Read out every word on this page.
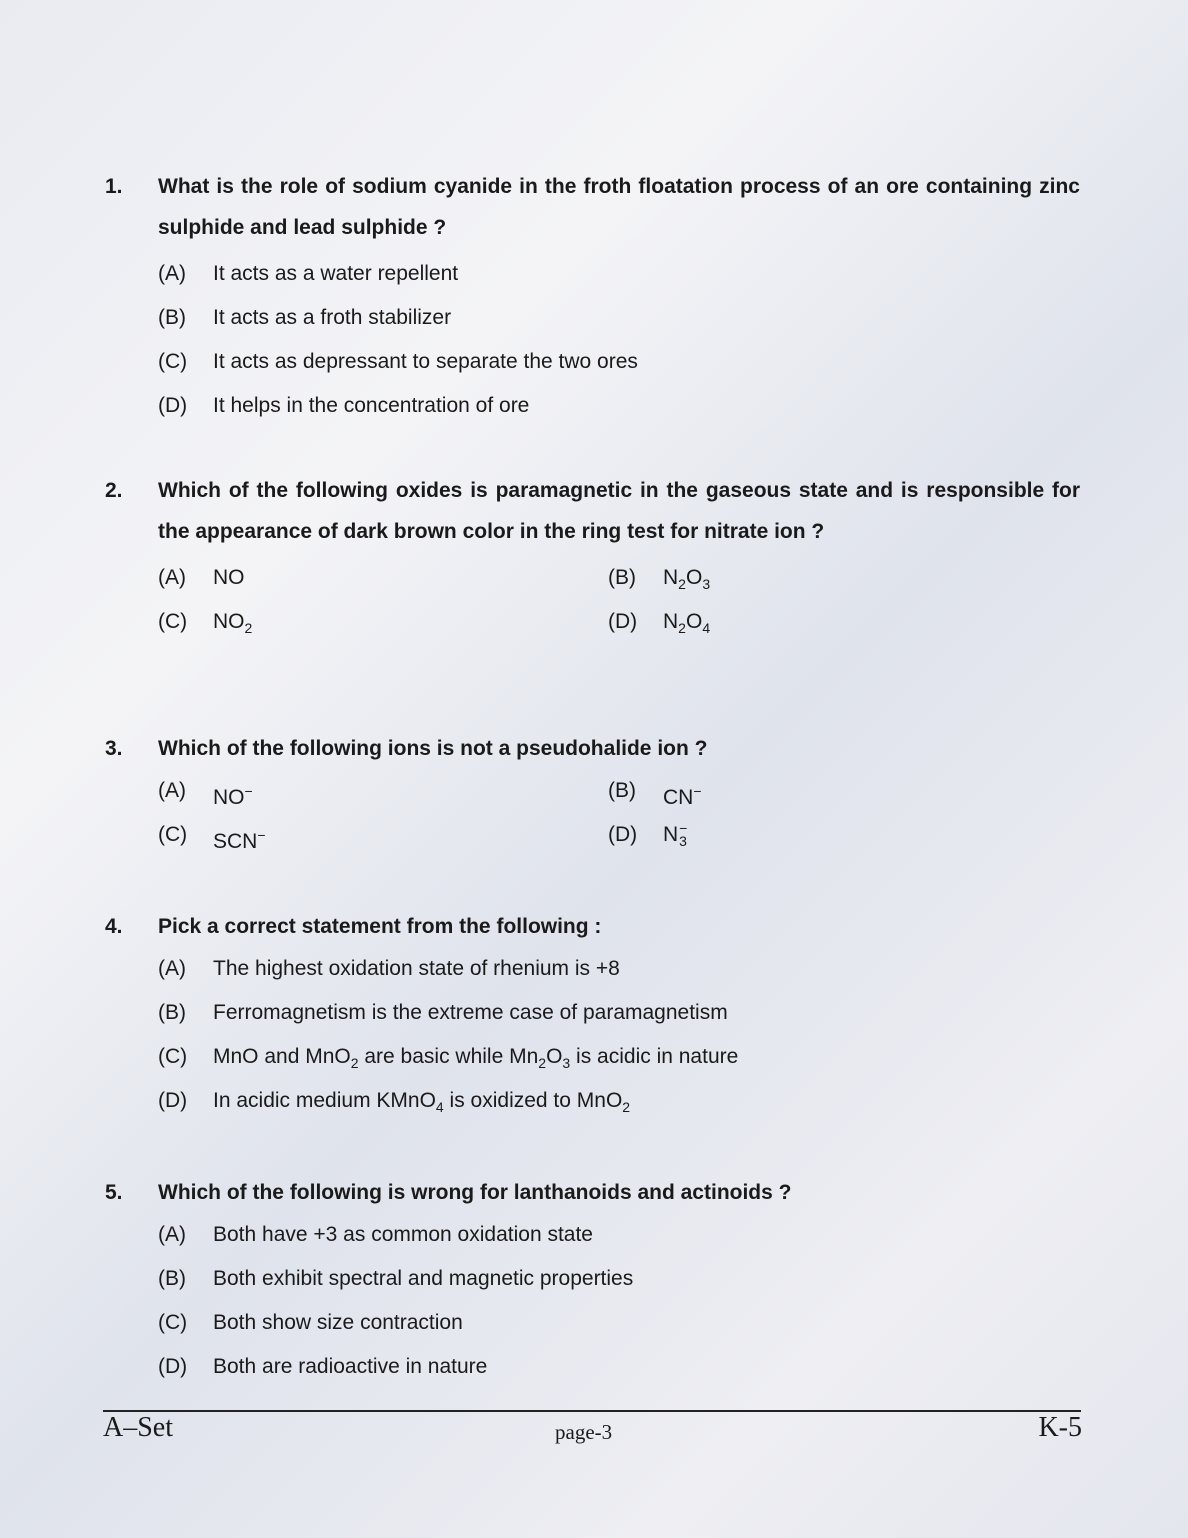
1. What is the role of sodium cyanide in the froth floatation process of an ore containing zinc sulphide and lead sulphide ?
(A)	It acts as a water repellent
(B)	It acts as a froth stabilizer
(C)	It acts as depressant to separate the two ores
(D)	It helps in the concentration of ore
2. Which of the following oxides is paramagnetic in the gaseous state and is responsible for the appearance of dark brown color in the ring test for nitrate ion ?
(A)	NO	(B)	$N_2O_3$
(C)	$NO_2$	(D)	$N_2O_4$
3. Which of the following ions is not a pseudohalide ion ?
(A)	NO−	(B)	CN−
(C)	SCN−	(D)	N −
3
4. Pick a correct statement from the following :
(A)	The highest oxidation state of rhenium is +8
(B)	Ferromagnetism is the extreme case of paramagnetism
(C)	MnO and MnO$_2$ are basic while $Mn_2O_3$ is acidic in nature
(D)	In acidic medium KMnO$_4$ is oxidized to MnO$_2$
5. Which of the following is wrong for lanthanoids and actinoids ?
(A)	Both have +3 as common oxidation state
(B)	Both exhibit spectral and magnetic properties
(C)	Both show size contraction
(D)	Both are radioactive in nature
A–Set	page-3	K-5
